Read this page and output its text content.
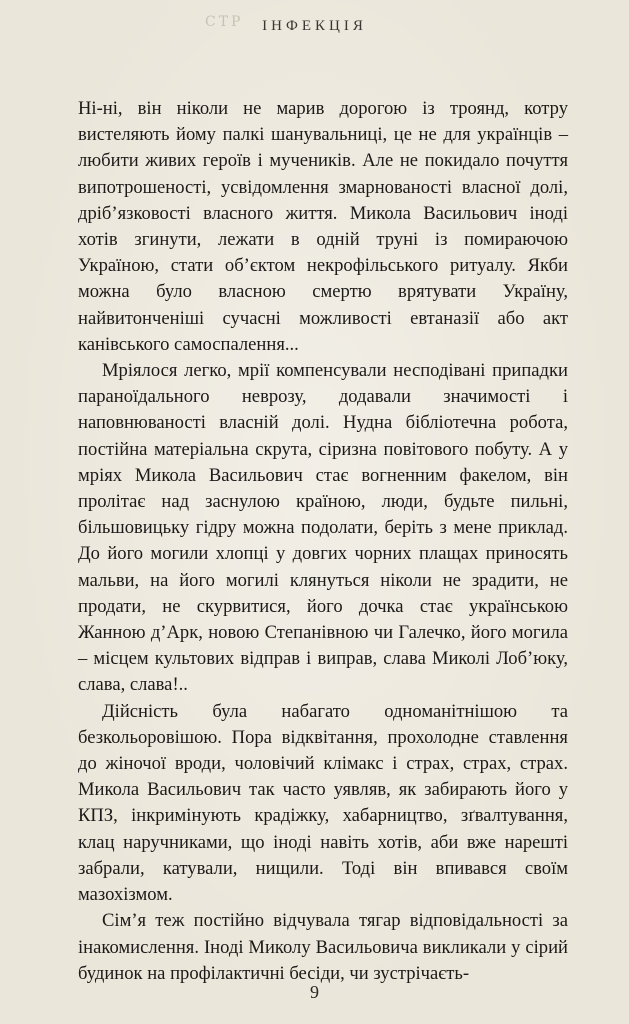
СТР	ІНФЕКЦІЯ

Ні-ні, він ніколи не марив дорогою із троянд, котру вистеляють йому палкі шанувальниці, це не для українців – любити живих героїв і мучеників. Але не покидало почуття випотрошеності, усвідомлення змарнованості власної долі, дріб’язковості власного життя. Микола Васильович іноді хотів згинути, лежати в одній труні із помираючою Україною, стати об’єктом некрофільського ритуалу. Якби можна було власною смертю врятувати Україну, найвитонченіші сучасні можливості евтаназії або акт канівського самоспалення...

Мріялося легко, мрії компенсували несподівані припадки параноїдального неврозу, додавали значимості і наповнюваності власній долі. Нудна бібліотечна робота, постійна матеріальна скрута, сіризна повітового побуту. А у мріях Микола Васильович стає вогненним факелом, він пролітає над заснулою країною, люди, будьте пильні, більшовицьку гідру можна подолати, беріть з мене приклад. До його могили хлопці у довгих чорних плащах приносять мальви, на його могилі клянуться ніколи не зрадити, не продати, не скурвитися, його дочка стає українською Жанною д’Арк, новою Степанівною чи Галечко, його могила – місцем культових відправ і виправ, слава Миколі Лоб’юку, слава, слава!..

Дійсність була набагато одноманітнішою та безкольоровішою. Пора відквітання, прохолодне ставлення до жіночої вроди, чоловічий клімакс і страх, страх, страх. Микола Васильович так часто уявляв, як забирають його у КПЗ, інкримінують крадіжку, хабарництво, зґвалтування, клац наручниками, що іноді навіть хотів, аби вже нарешті забрали, катували, нищили. Тоді він впивався своїм мазохізмом.

Сім’я теж постійно відчувала тягар відповідальності за інакомислення. Іноді Миколу Васильовича викликали у сірий будинок на профілактичні бесіди, чи зустрічаєть-

9
